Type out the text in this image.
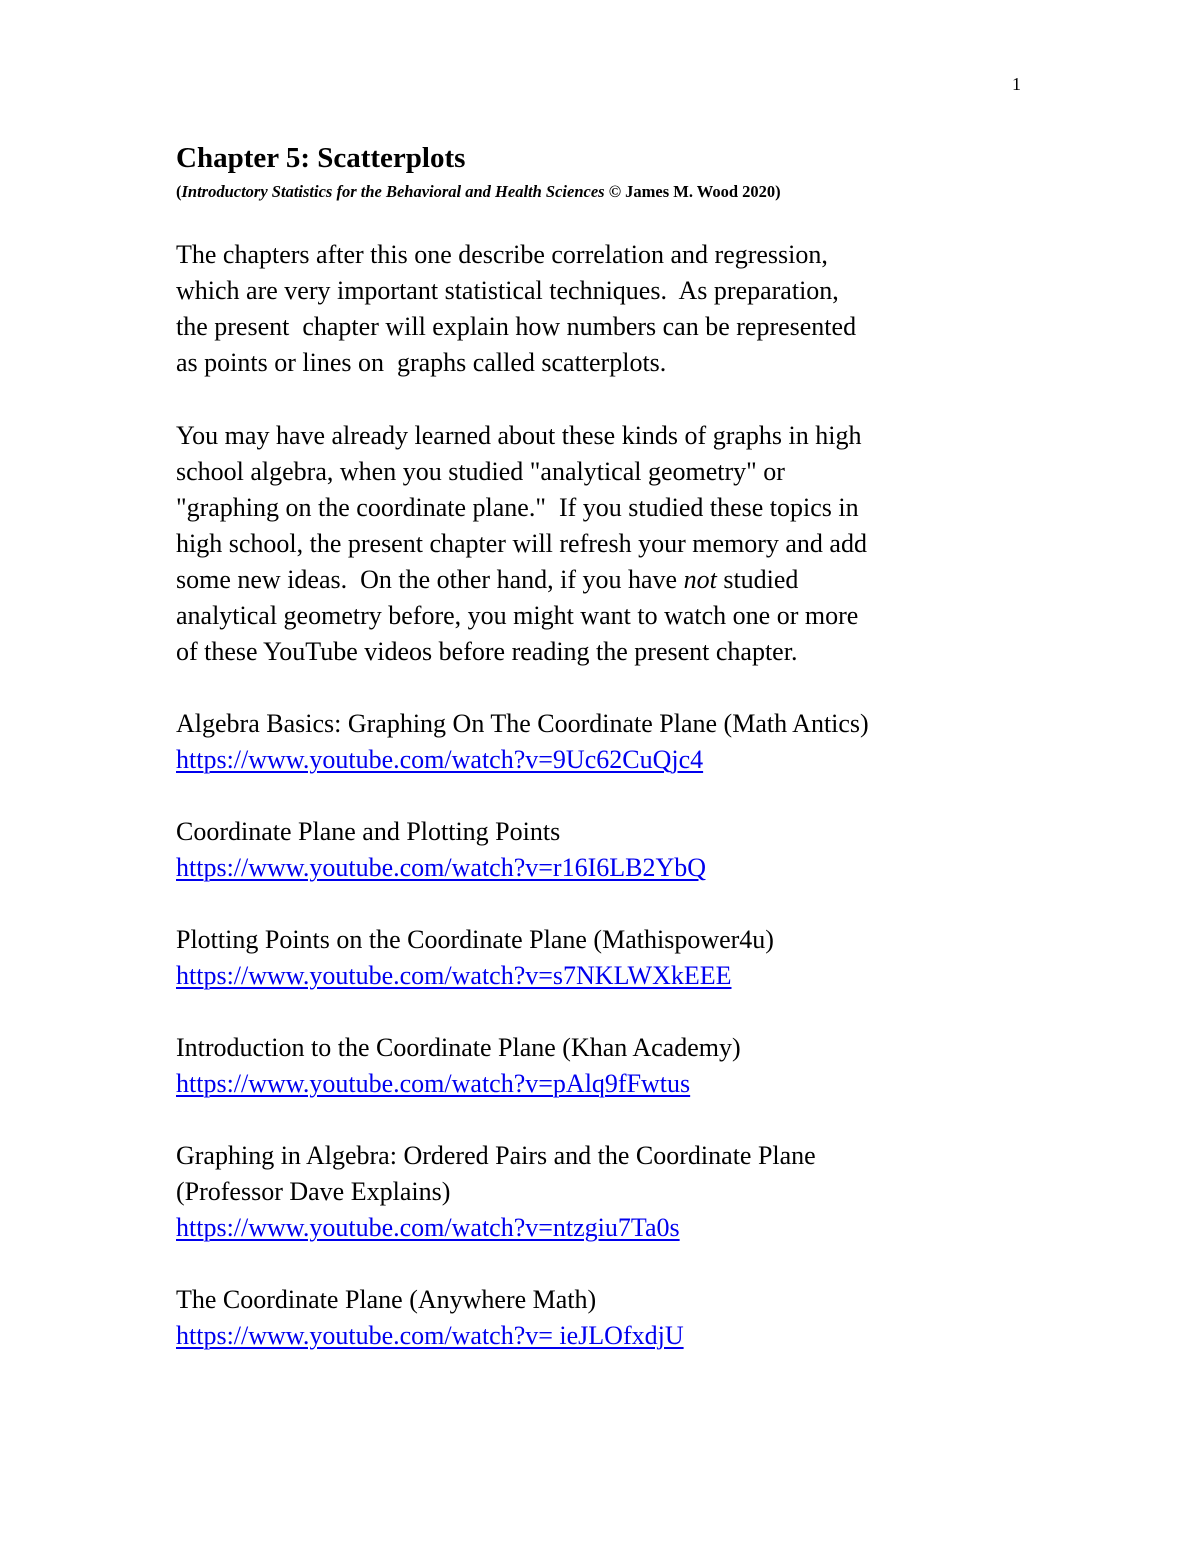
1
Chapter 5: Scatterplots
(Introductory Statistics for the Behavioral and Health Sciences © James M. Wood 2020)
The chapters after this one describe correlation and regression,
which are very important statistical techniques.  As preparation,
the present  chapter will explain how numbers can be represented
as points or lines on  graphs called scatterplots.
You may have already learned about these kinds of graphs in high
school algebra, when you studied "analytical geometry" or
"graphing on the coordinate plane."  If you studied these topics in
high school, the present chapter will refresh your memory and add
some new ideas.  On the other hand, if you have not studied
analytical geometry before, you might want to watch one or more
of these YouTube videos before reading the present chapter.
Algebra Basics: Graphing On The Coordinate Plane (Math Antics)
https://www.youtube.com/watch?v=9Uc62CuQjc4
Coordinate Plane and Plotting Points
https://www.youtube.com/watch?v=r16I6LB2YbQ
Plotting Points on the Coordinate Plane (Mathispower4u)
https://www.youtube.com/watch?v=s7NKLWXkEEE
Introduction to the Coordinate Plane (Khan Academy)
https://www.youtube.com/watch?v=pAlq9fFwtus
Graphing in Algebra: Ordered Pairs and the Coordinate Plane
(Professor Dave Explains)
https://www.youtube.com/watch?v=ntzgiu7Ta0s
The Coordinate Plane (Anywhere Math)
https://www.youtube.com/watch?v= ieJLOfxdjU
